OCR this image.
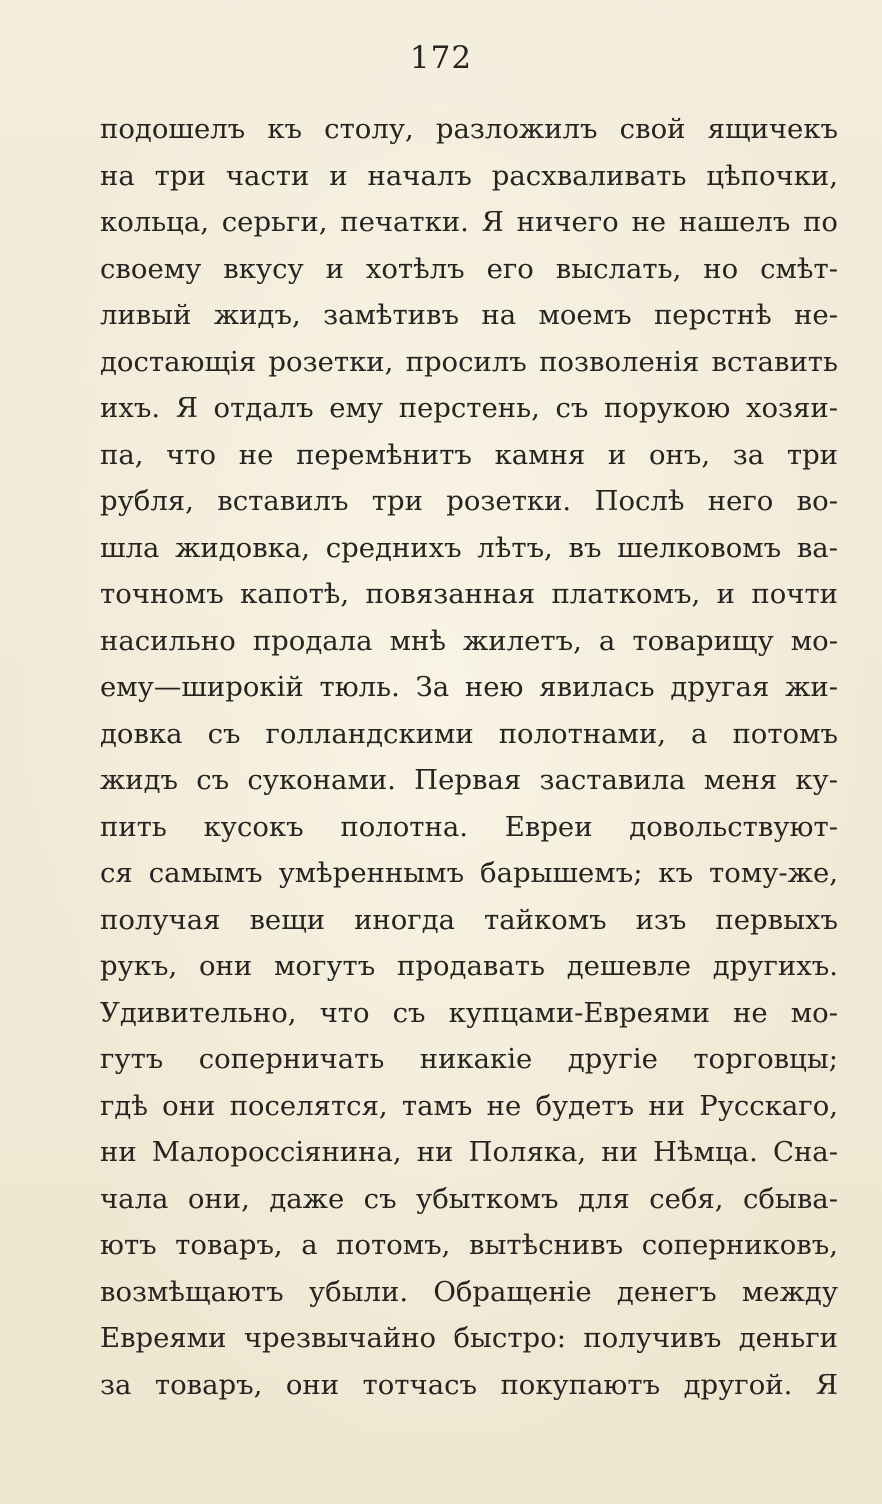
172
подошелъ къ столу, разложилъ свой ящичекъ
на три части и началъ расхваливать цѣпочки,
кольца, серьги, печатки. Я ничего не нашелъ по
своему вкусу и хотѣлъ его выслать, но смѣт-
ливый жидъ, замѣтивъ на моемъ перстнѣ не-
достающія розетки, просилъ позволенія вставить
ихъ. Я отдалъ ему перстень, съ порукою хозяи-
па, что не перемѣнитъ камня и онъ, за три
рубля, вставилъ три розетки. Послѣ него во-
шла жидовка, среднихъ лѣтъ, въ шелковомъ ва-
точномъ капотѣ, повязанная платкомъ, и почти
насильно продала мнѣ жилетъ, а товарищу мо-
ему—широкій тюль. За нею явилась другая жи-
довка съ голландскими полотнами, а потомъ
жидъ съ суконами. Первая заставила меня ку-
пить кусокъ полотна. Евреи довольствуют-
ся самымъ умѣреннымъ барышемъ; къ тому-же,
получая вещи иногда тайкомъ изъ первыхъ
рукъ, они могутъ продавать дешевле другихъ.
Удивительно, что съ купцами-Евреями не мо-
гутъ соперничать никакіе другіе торговцы;
гдѣ они поселятся, тамъ не будетъ ни Русскаго,
ни Малороссіянина, ни Поляка, ни Нѣмца. Сна-
чала они, даже съ убыткомъ для себя, сбыва-
ютъ товаръ, а потомъ, вытѣснивъ соперниковъ,
возмѣщаютъ убыли. Обращеніе денегъ между
Евреями чрезвычайно быстро: получивъ деньги
за товаръ, они тотчасъ покупаютъ другой. Я
